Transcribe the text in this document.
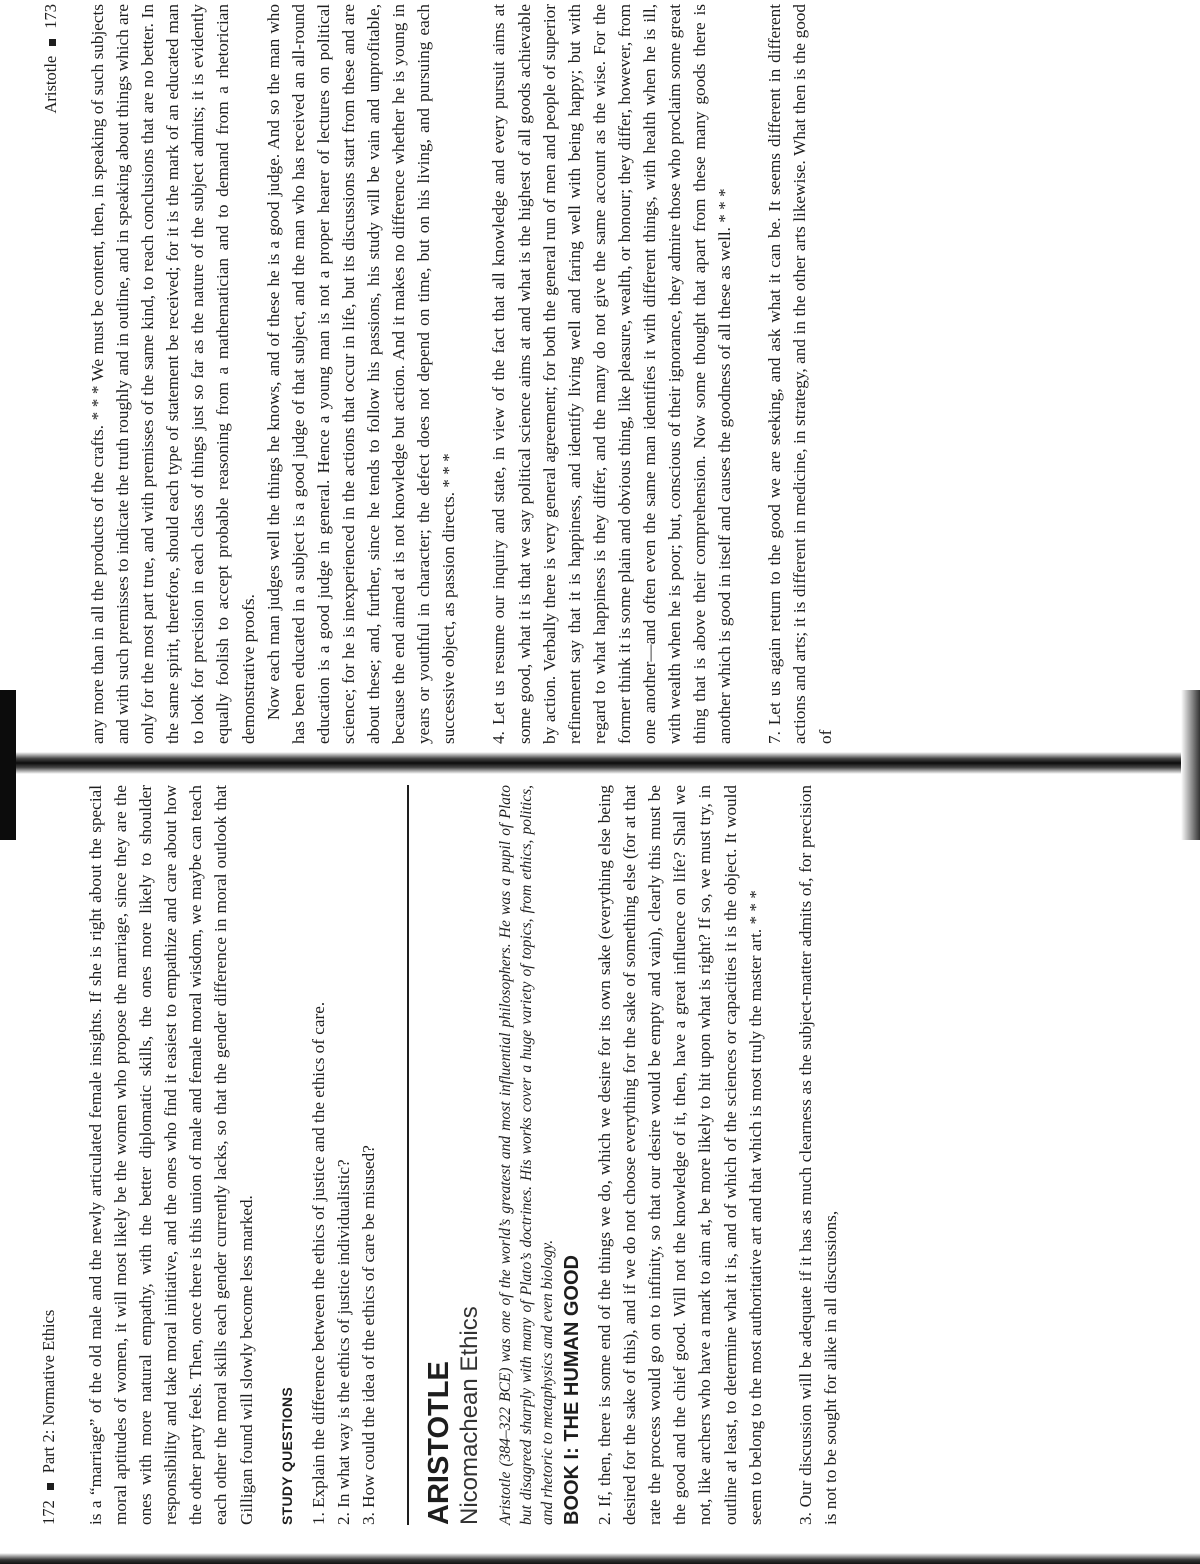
Aristotle173 any more than in all the products of the crafts. * * * We must be content, then, in speaking of such subjects and with such premisses to indicate the truth roughly and in outline, and in speaking about things which are only for the most part true, and with premisses of the same kind, to reach conclusions that are no better. In the same spirit, therefore, should each type of statement be received; for it is the mark of an educated man to look for precision in each class of things just so far as the nature of the subject admits; it is evidently equally foolish to accept probable reasoning from a mathematician and to demand from a rhetorician demonstrative proofs. Now each man judges well the things he knows, and of these he is a good judge. And so the man who has been educated in a subject is a good judge of that subject, and the man who has received an all-round education is a good judge in general. Hence a young man is not a proper hearer of lectures on political science; for he is inexperienced in the actions that occur in life, but its discussions start from these and are about these; and, further, since he tends to follow his passions, his study will be vain and unprofitable, because the end aimed at is not knowledge but action. And it makes no difference whether he is young in years or youthful in character; the defect does not depend on time, but on his living, and pursuing each successive object, as passion directs. * * * 4. Let us resume our inquiry and state, in view of the fact that all knowledge and every pursuit aims at some good, what it is that we say political science aims at and what is the highest of all goods achievable by action. Verbally there is very general agreement; for both the general run of men and people of superior refinement say that it is happiness, and identify living well and faring well with being happy; but with regard to what happiness is they differ, and the many do not give the same account as the wise. For the former think it is some plain and obvious thing, like pleasure, wealth, or honour; they differ, however, from one another—and often even the same man identifies it with different things, with health when he is ill, with wealth when he is poor; but, conscious of their ignorance, they admire those who proclaim some great thing that is above their comprehension. Now some thought that apart from these many goods there is another which is good in itself and causes the goodness of all these as well. * * * 7. Let us again return to the good we are seeking, and ask what it can be. It seems different in different actions and arts; it is different in medicine, in strategy, and in the other arts likewise. What then is the good of

172Part 2: Normative Ethics is a “marriage” of the old male and the newly articulated female insights. If she is right about the special moral aptitudes of women, it will most likely be the women who propose the marriage, since they are the ones with more natural empathy, with the better diplomatic skills, the ones more likely to shoulder responsibility and take moral initiative, and the ones who find it easiest to empathize and care about how the other party feels. Then, once there is this union of male and female moral wisdom, we maybe can teach each other the moral skills each gender currently lacks, so that the gender difference in moral outlook that Gilligan found will slowly become less marked. STUDY QUESTIONS 1. Explain the difference between the ethics of justice and the ethics of care. 2. In what way is the ethics of justice individualistic? 3. How could the idea of the ethics of care be misused? ARISTOTLE Nicomachean Ethics Aristotle (384–322 BCE) was one of the world’s greatest and most influential philosophers. He was a pupil of Plato but disagreed sharply with many of Plato’s doctrines. His works cover a huge variety of topics, from ethics, politics, and rhetoric to metaphysics and even biology. BOOK I: THE HUMAN GOOD 2. If, then, there is some end of the things we do, which we desire for its own sake (everything else being desired for the sake of this), and if we do not choose everything for the sake of something else (for at that rate the process would go on to infinity, so that our desire would be empty and vain), clearly this must be the good and the chief good. Will not the knowledge of it, then, have a great influence on life? Shall we not, like archers who have a mark to aim at, be more likely to hit upon what is right? If so, we must try, in outline at least, to determine what it is, and of which of the sciences or capacities it is the object. It would seem to belong to the most authoritative art and that which is most truly the master art. * * * 3. Our discussion will be adequate if it has as much clearness as the subject-matter admits of, for precision is not to be sought for alike in all discussions,
